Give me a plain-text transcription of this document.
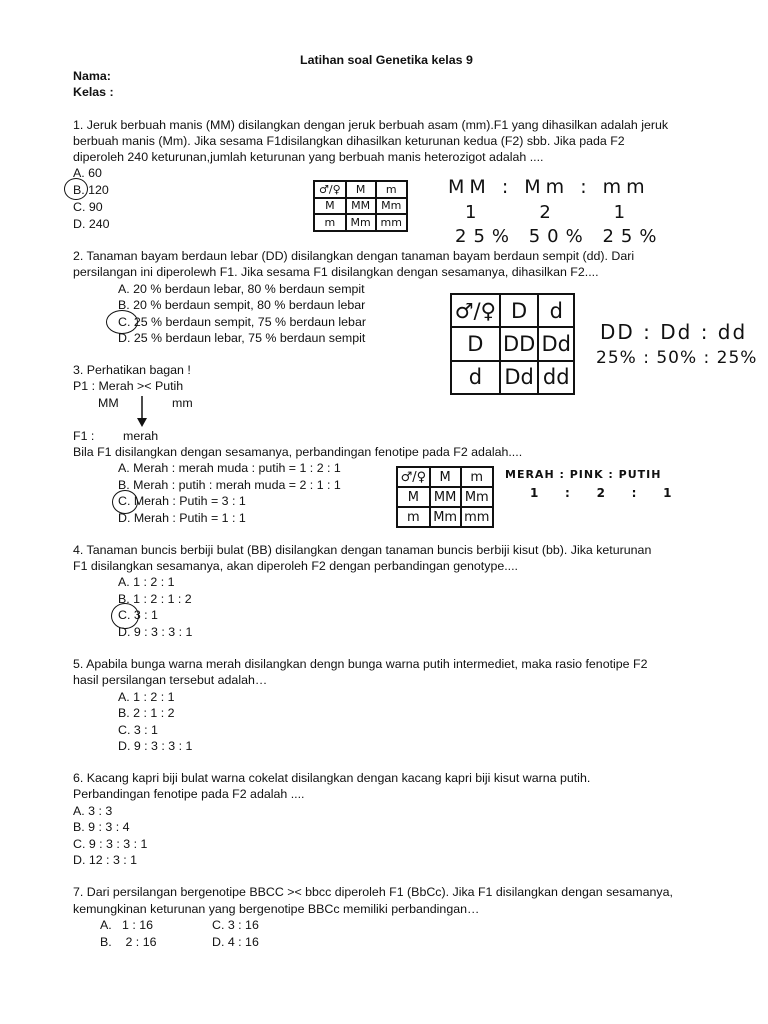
Latihan soal Genetika kelas 9
Nama:
Kelas :
1. Jeruk berbuah manis (MM) disilangkan dengan jeruk berbuah asam (mm).F1 yang dihasilkan adalah jeruk
berbuah manis (Mm). Jika sesama F1disilangkan dihasilkan keturunan kedua (F2) sbb. Jika pada F2
diperoleh 240 keturunan,jumlah keturunan yang berbuah manis heterozigot adalah ....
A. 60
B. 120
C. 90
D. 240
♂/♀	M	m
M	MM	Mm
m	Mm	mm
MM : Mm : mm
1    2    1
25% 50% 25%
2. Tanaman bayam berdaun lebar (DD) disilangkan dengan tanaman bayam berdaun sempit (dd). Dari
persilangan ini diperolewh F1. Jika sesama F1 disilangkan dengan sesamanya, dihasilkan F2....
A. 20 % berdaun lebar, 80 % berdaun sempit
B. 20 % berdaun sempit, 80 % berdaun lebar
C. 25 % berdaun sempit, 75 % berdaun lebar
D. 25 % berdaun lebar, 75 % berdaun sempit
♂/♀	D	d
D	DD	Dd
d	Dd	dd
DD : Dd : dd
25% : 50% : 25%
3. Perhatikan bagan !
P1 : Merah >< Putih
MM	mm
F1 : merah
Bila F1 disilangkan dengan sesamanya, perbandingan fenotipe pada F2 adalah....
A. Merah : merah muda : putih = 1 : 2 : 1
B. Merah : putih : merah muda = 2 : 1 : 1
C. Merah : Putih = 3 : 1
D. Merah : Putih = 1 : 1
♂/♀	M	m
M	MM	Mm
m	Mm	mm
MERAH : PINK : PUTIH
1    :    2    :    1
4. Tanaman buncis berbiji bulat (BB) disilangkan dengan tanaman buncis berbiji kisut (bb). Jika keturunan
F1 disilangkan sesamanya, akan diperoleh F2 dengan perbandingan genotype....
A. 1 : 2 : 1
B. 1 : 2 : 1 : 2
C. 3 : 1
D. 9 : 3 : 3 : 1
5. Apabila bunga warna merah disilangkan dengn bunga warna putih intermediet, maka rasio fenotipe F2
hasil persilangan tersebut adalah…
A. 1 : 2 : 1
B. 2 : 1 : 2
C. 3 : 1
D. 9 : 3 : 3 : 1
6. Kacang kapri biji bulat warna cokelat disilangkan dengan kacang kapri biji kisut warna putih.
Perbandingan fenotipe pada F2 adalah ....
A. 3 : 3
B. 9 : 3 : 4
C. 9 : 3 : 3 : 1
D. 12 : 3 : 1
7. Dari persilangan bergenotipe BBCC >< bbcc diperoleh F1 (BbCc). Jika F1 disilangkan dengan sesamanya,
kemungkinan keturunan yang bergenotipe BBCc memiliki perbandingan…
A.   1 : 16
B.    2 : 16
C. 3 : 16
D. 4 : 16
